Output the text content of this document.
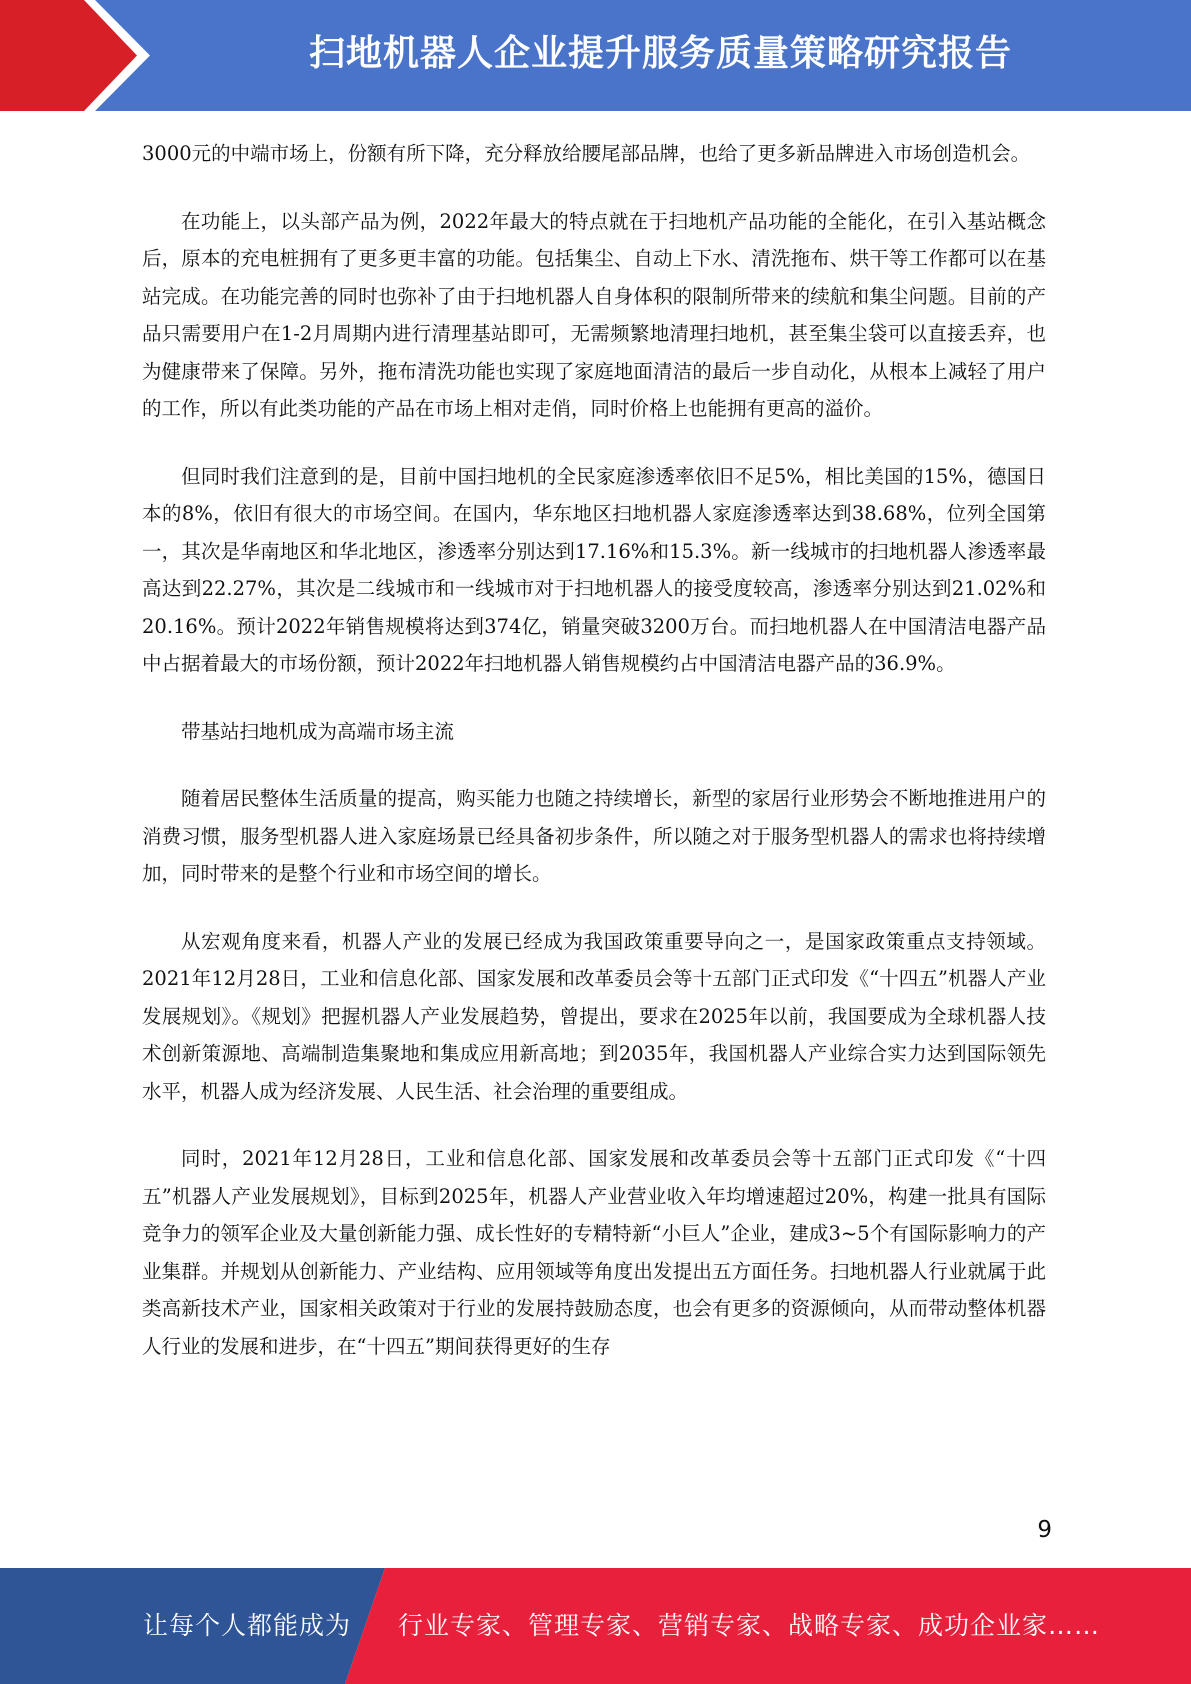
扫地机器人企业提升服务质量策略研究报告

3000元的中端市场上，份额有所下降，充分释放给腰尾部品牌，也给了更多新品牌进入市场创造机会。

在功能上，以头部产品为例，2022年最大的特点就在于扫地机产品功能的全能化，在引入基站概念后，原本的充电桩拥有了更多更丰富的功能。包括集尘、自动上下水、清洗拖布、烘干等工作都可以在基站完成。在功能完善的同时也弥补了由于扫地机器人自身体积的限制所带来的续航和集尘问题。目前的产品只需要用户在1-2月周期内进行清理基站即可，无需频繁地清理扫地机，甚至集尘袋可以直接丢弃，也为健康带来了保障。另外，拖布清洗功能也实现了家庭地面清洁的最后一步自动化，从根本上减轻了用户的工作，所以有此类功能的产品在市场上相对走俏，同时价格上也能拥有更高的溢价。

但同时我们注意到的是，目前中国扫地机的全民家庭渗透率依旧不足5%，相比美国的15%，德国日本的8%，依旧有很大的市场空间。在国内，华东地区扫地机器人家庭渗透率达到38.68%，位列全国第一，其次是华南地区和华北地区，渗透率分别达到17.16%和15.3%。新一线城市的扫地机器人渗透率最高达到22.27%，其次是二线城市和一线城市对于扫地机器人的接受度较高，渗透率分别达到21.02%和20.16%。预计2022年销售规模将达到374亿，销量突破3200万台。而扫地机器人在中国清洁电器产品中占据着最大的市场份额，预计2022年扫地机器人销售规模约占中国清洁电器产品的36.9%。

带基站扫地机成为高端市场主流

随着居民整体生活质量的提高，购买能力也随之持续增长，新型的家居行业形势会不断地推进用户的消费习惯，服务型机器人进入家庭场景已经具备初步条件，所以随之对于服务型机器人的需求也将持续增加，同时带来的是整个行业和市场空间的增长。

从宏观角度来看，机器人产业的发展已经成为我国政策重要导向之一，是国家政策重点支持领域。2021年12月28日，工业和信息化部、国家发展和改革委员会等十五部门正式印发《“十四五”机器人产业发展规划》。《规划》把握机器人产业发展趋势，曾提出，要求在2025年以前，我国要成为全球机器人技术创新策源地、高端制造集聚地和集成应用新高地；到2035年，我国机器人产业综合实力达到国际领先水平，机器人成为经济发展、人民生活、社会治理的重要组成。

同时，2021年12月28日，工业和信息化部、国家发展和改革委员会等十五部门正式印发《“十四五”机器人产业发展规划》，目标到2025年，机器人产业营业收入年均增速超过20%，构建一批具有国际竞争力的领军企业及大量创新能力强、成长性好的专精特新“小巨人”企业，建成3~5个有国际影响力的产业集群。并规划从创新能力、产业结构、应用领域等角度出发提出五方面任务。扫地机器人行业就属于此类高新技术产业，国家相关政策对于行业的发展持鼓励态度，也会有更多的资源倾向，从而带动整体机器人行业的发展和进步，在“十四五”期间获得更好的生存

9
让每个人都能成为 行业专家、管理专家、营销专家、战略专家、成功企业家……
